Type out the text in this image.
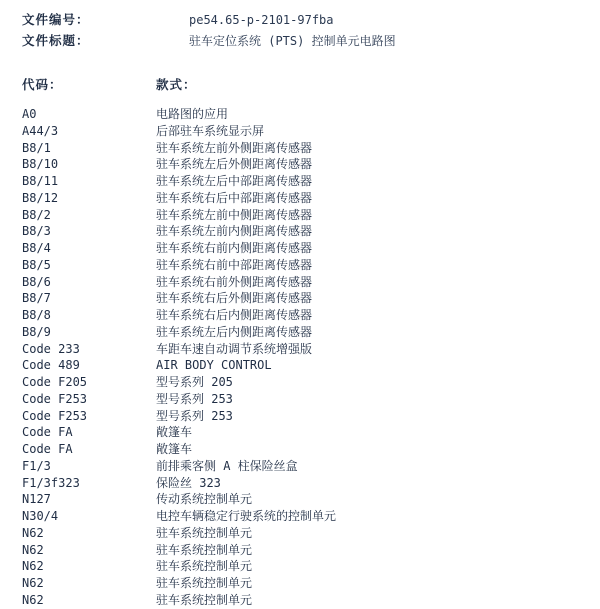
文件编号：	pe54.65-p-2101-97fba
文件标题：	驻车定位系统 (PTS) 控制单元电路图
代码：	款式：
A0	电路图的应用
A44/3	后部驻车系统显示屏
B8/1	驻车系统左前外侧距离传感器
B8/10	驻车系统左后外侧距离传感器
B8/11	驻车系统左后中部距离传感器
B8/12	驻车系统右后中部距离传感器
B8/2	驻车系统左前中侧距离传感器
B8/3	驻车系统左前内侧距离传感器
B8/4	驻车系统右前内侧距离传感器
B8/5	驻车系统右前中部距离传感器
B8/6	驻车系统右前外侧距离传感器
B8/7	驻车系统右后外侧距离传感器
B8/8	驻车系统右后内侧距离传感器
B8/9	驻车系统左后内侧距离传感器
Code 233	车距车速自动调节系统增强版
Code 489	AIR BODY CONTROL
Code F205	型号系列 205
Code F253	型号系列 253
Code F253	型号系列 253
Code FA	敞篷车
Code FA	敞篷车
F1/3	前排乘客侧 A 柱保险丝盒
F1/3f323	保险丝 323
N127	传动系统控制单元
N30/4	电控车辆稳定行驶系统的控制单元
N62	驻车系统控制单元
N62	驻车系统控制单元
N62	驻车系统控制单元
N62	驻车系统控制单元
N62	驻车系统控制单元
